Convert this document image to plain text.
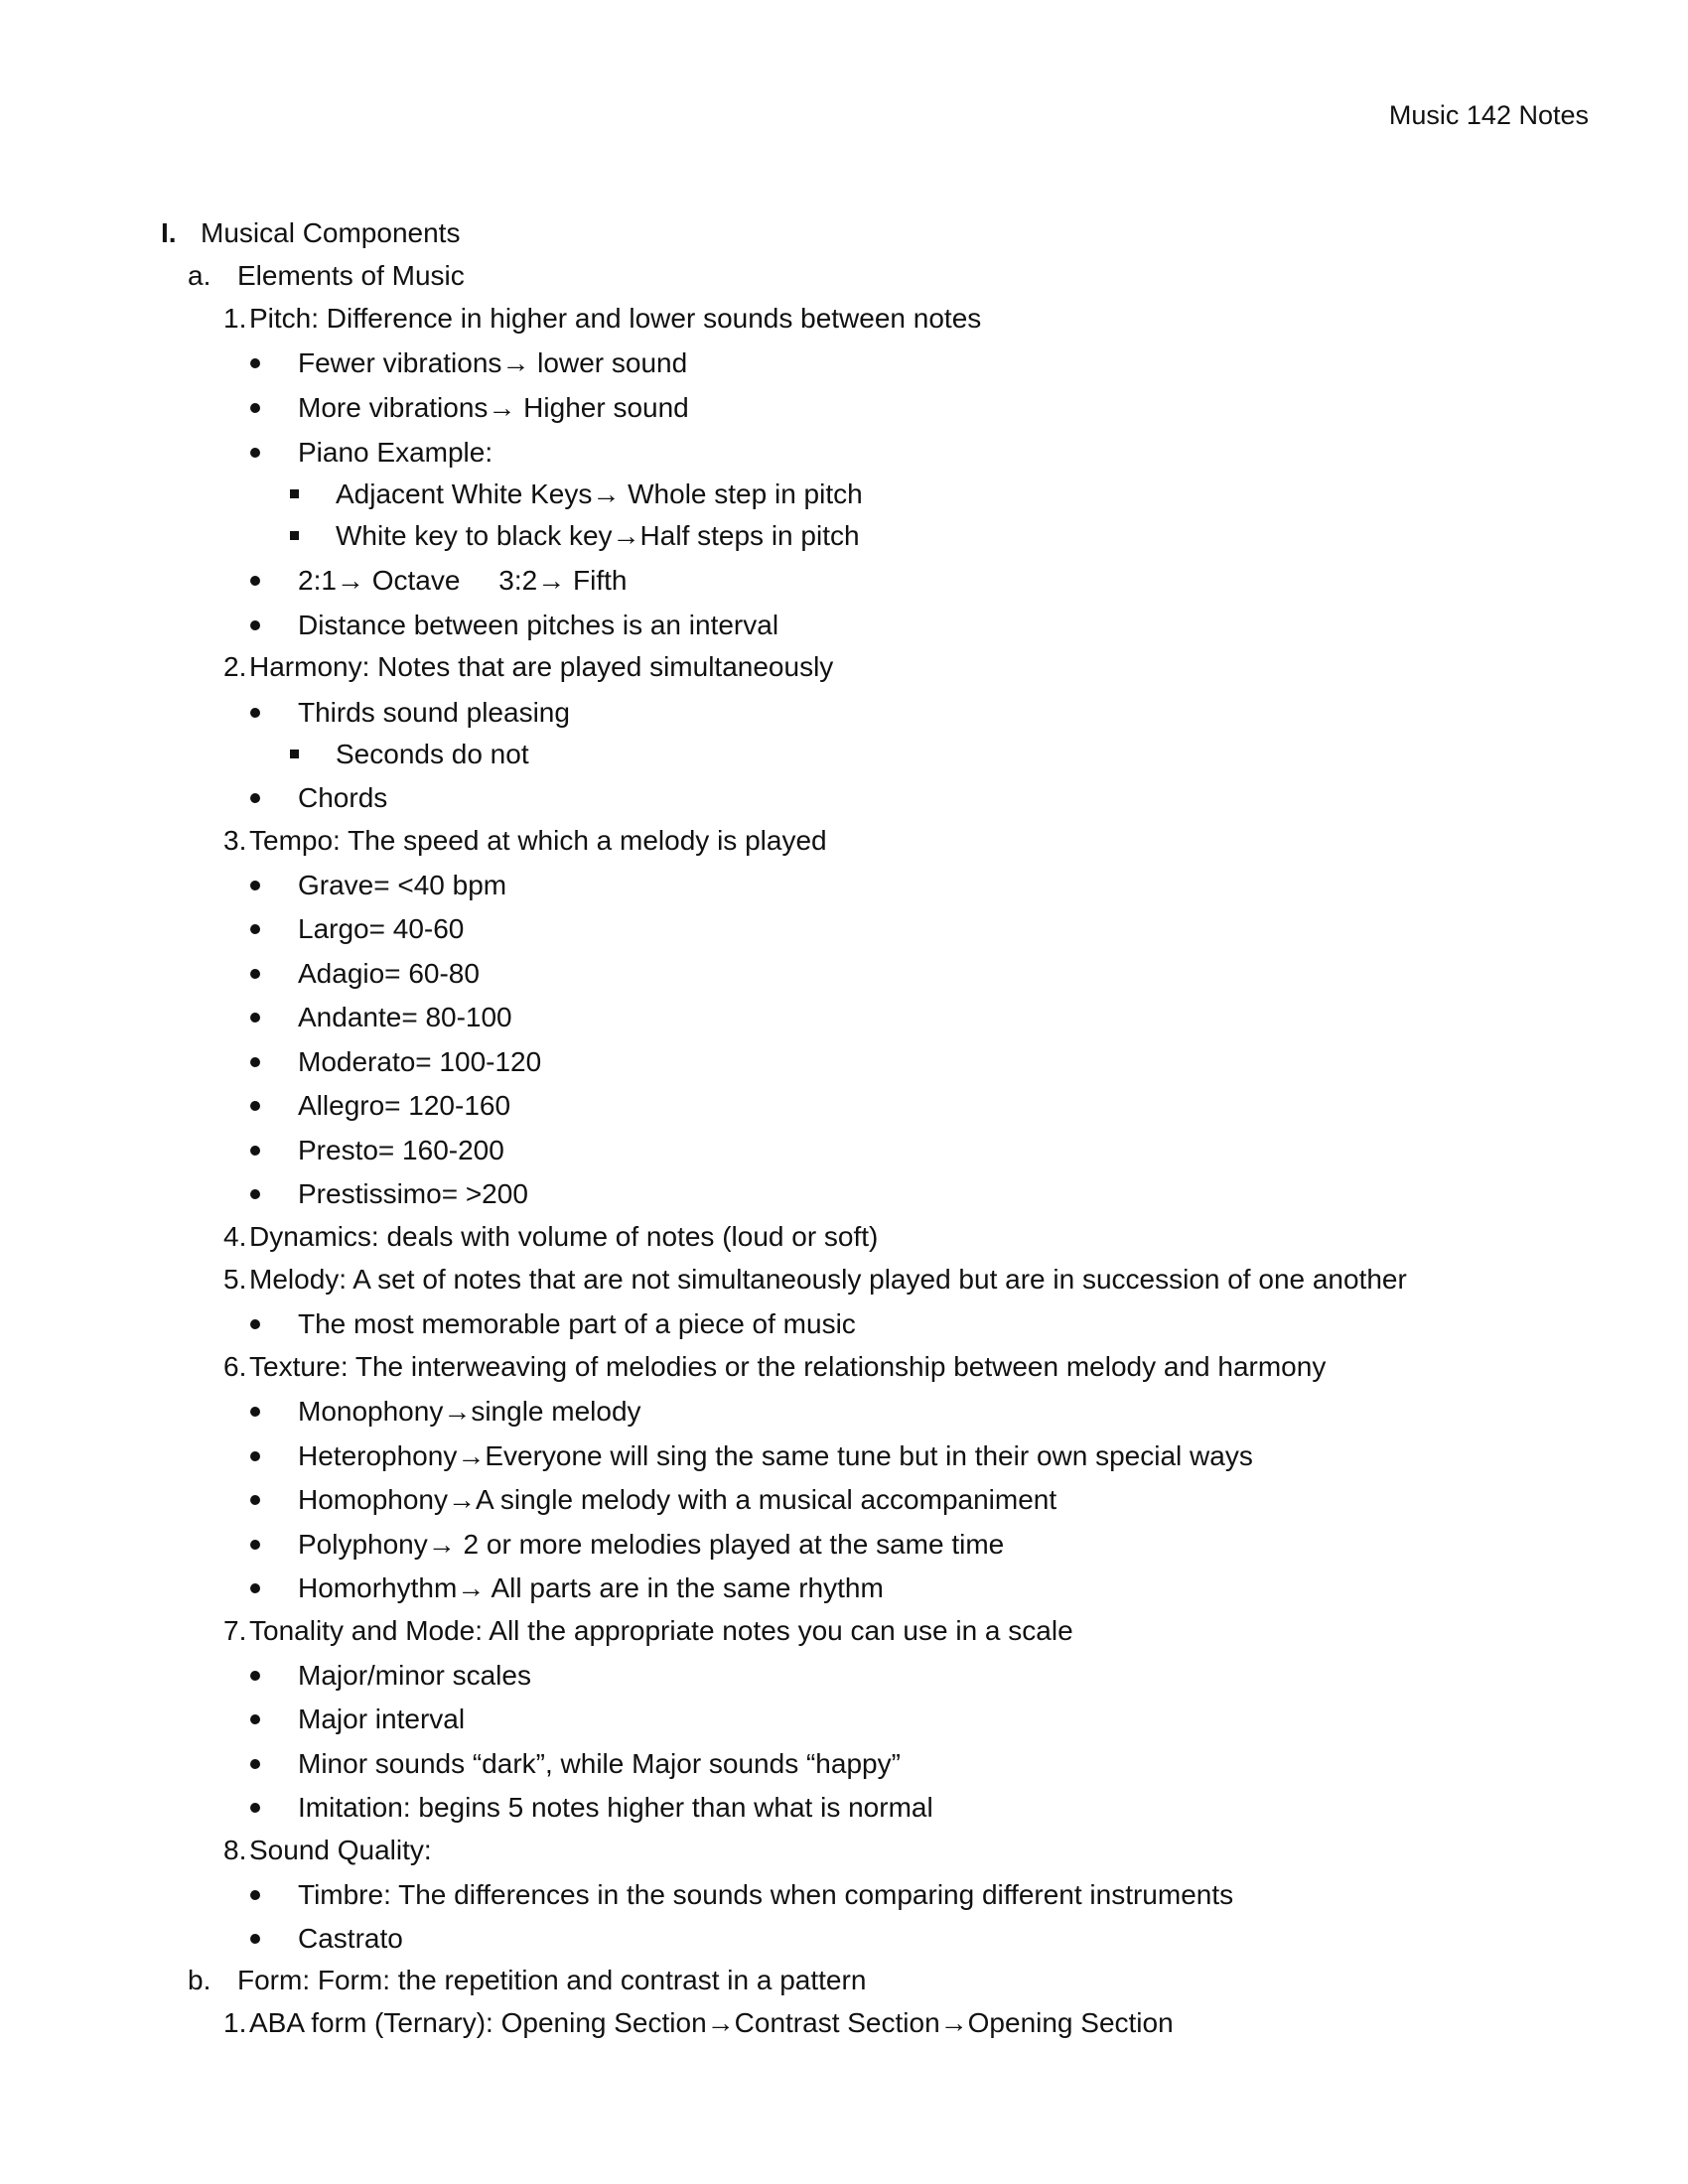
Music 142 Notes
I. Musical Components
a. Elements of Music
1. Pitch: Difference in higher and lower sounds between notes
Fewer vibrations→ lower sound
More vibrations→ Higher sound
Piano Example:
Adjacent White Keys→ Whole step in pitch
White key to black key→Half steps in pitch
2:1→ Octave     3:2→ Fifth
Distance between pitches is an interval
2. Harmony: Notes that are played simultaneously
Thirds sound pleasing
Seconds do not
Chords
3. Tempo: The speed at which a melody is played
Grave= <40 bpm
Largo= 40-60
Adagio= 60-80
Andante= 80-100
Moderato= 100-120
Allegro= 120-160
Presto= 160-200
Prestissimo= >200
4. Dynamics: deals with volume of notes (loud or soft)
5. Melody: A set of notes that are not simultaneously played but are in succession of one another
The most memorable part of a piece of music
6. Texture: The interweaving of melodies or the relationship between melody and harmony
Monophony→single melody
Heterophony→Everyone will sing the same tune but in their own special ways
Homophony→A single melody with a musical accompaniment
Polyphony→ 2 or more melodies played at the same time
Homorhythm→ All parts are in the same rhythm
7. Tonality and Mode: All the appropriate notes you can use in a scale
Major/minor scales
Major interval
Minor sounds “dark”, while Major sounds “happy”
Imitation: begins 5 notes higher than what is normal
8. Sound Quality:
Timbre: The differences in the sounds when comparing different instruments
Castrato
b. Form: Form: the repetition and contrast in a pattern
1. ABA form (Ternary): Opening Section→Contrast Section→Opening Section
